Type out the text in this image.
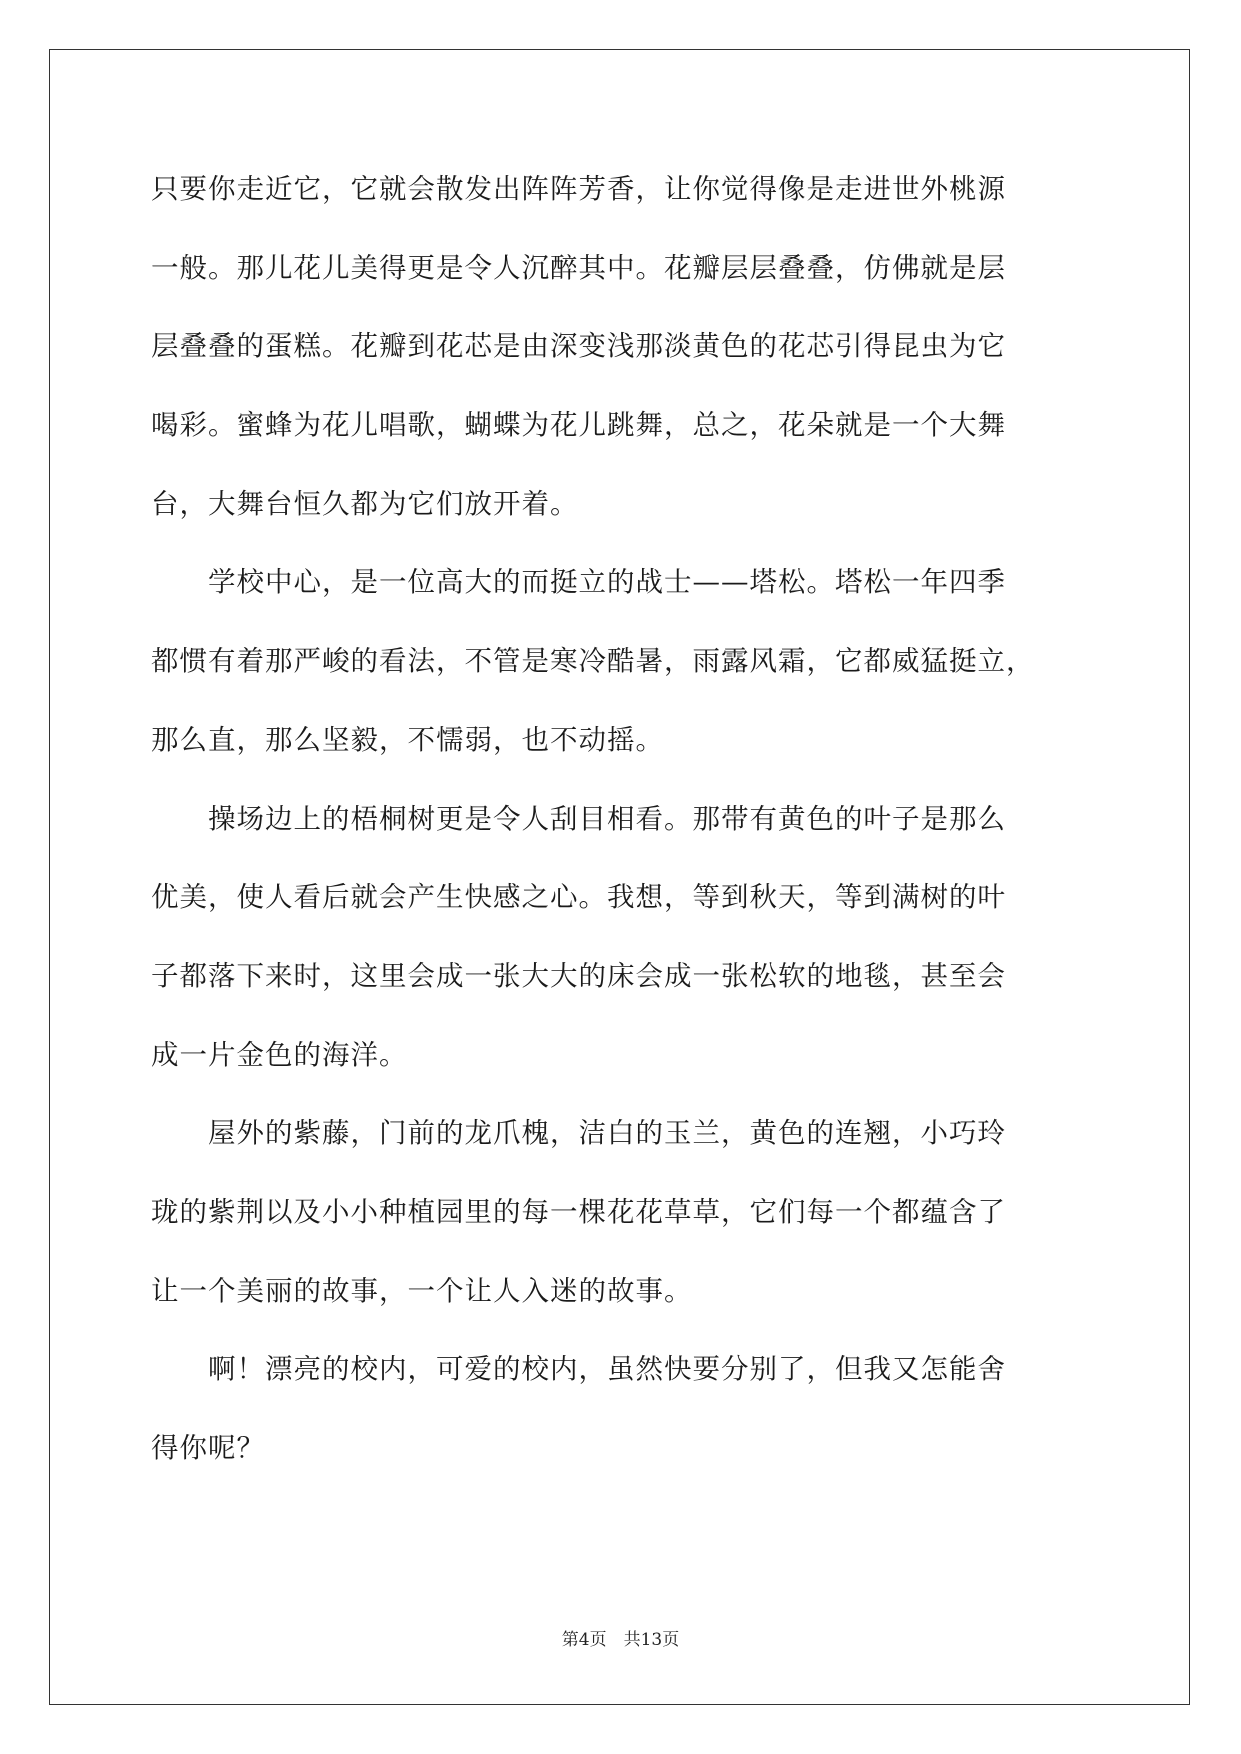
只要你走近它，它就会散发出阵阵芳香，让你觉得像是走进世外桃源
一般。那儿花儿美得更是令人沉醉其中。花瓣层层叠叠，仿佛就是层
层叠叠的蛋糕。花瓣到花芯是由深变浅那淡黄色的花芯引得昆虫为它
喝彩。蜜蜂为花儿唱歌，蝴蝶为花儿跳舞，总之，花朵就是一个大舞
台，大舞台恒久都为它们放开着。
　　学校中心，是一位高大的而挺立的战士——塔松。塔松一年四季
都惯有着那严峻的看法，不管是寒冷酷暑，雨露风霜，它都威猛挺立，
那么直，那么坚毅，不懦弱，也不动摇。
　　操场边上的梧桐树更是令人刮目相看。那带有黄色的叶子是那么
优美，使人看后就会产生快感之心。我想，等到秋天，等到满树的叶
子都落下来时，这里会成一张大大的床会成一张松软的地毯，甚至会
成一片金色的海洋。
　　屋外的紫藤，门前的龙爪槐，洁白的玉兰，黄色的连翘，小巧玲
珑的紫荆以及小小种植园里的每一棵花花草草，它们每一个都蕴含了
让一个美丽的故事，一个让人入迷的故事。
　　啊！漂亮的校内，可爱的校内，虽然快要分别了，但我又怎能舍
得你呢？
第4页　共13页
